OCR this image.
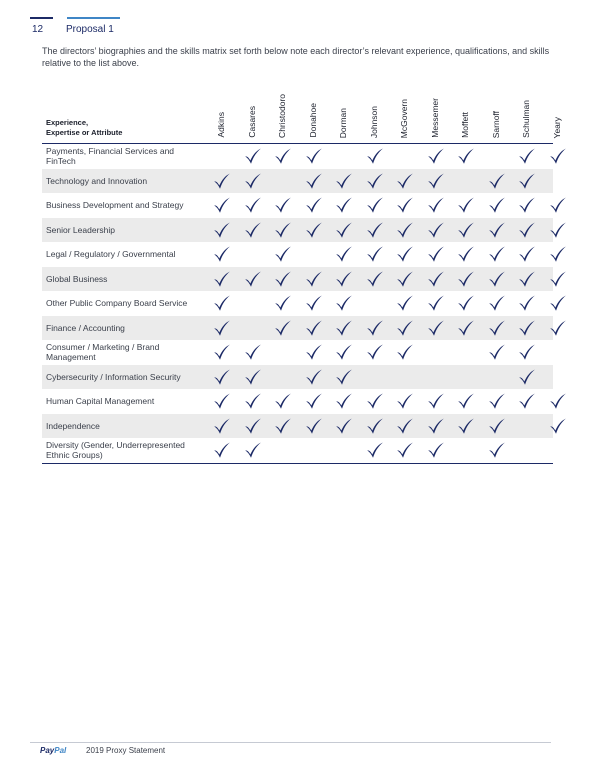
12 Proposal 1
The directors’ biographies and the skills matrix set forth below note each director’s relevant experience, qualifications, and skills relative to the list above.
Experience,
Expertise or Attribute	Adkins Casares Christodoro Donahoe Dorman Johnson McGovern Messemer Moffett Sarnoff Schulman Yeary
Payments, Financial Services and FinTech
Technology and Innovation
Business Development and Strategy
Senior Leadership
Legal / Regulatory / Governmental
Global Business
Other Public Company Board Service
Finance / Accounting
Consumer / Marketing / Brand Management
Cybersecurity / Information Security
Human Capital Management
Independence
Diversity (Gender, Underrepresented Ethnic Groups)
PayPal 2019 Proxy Statement
